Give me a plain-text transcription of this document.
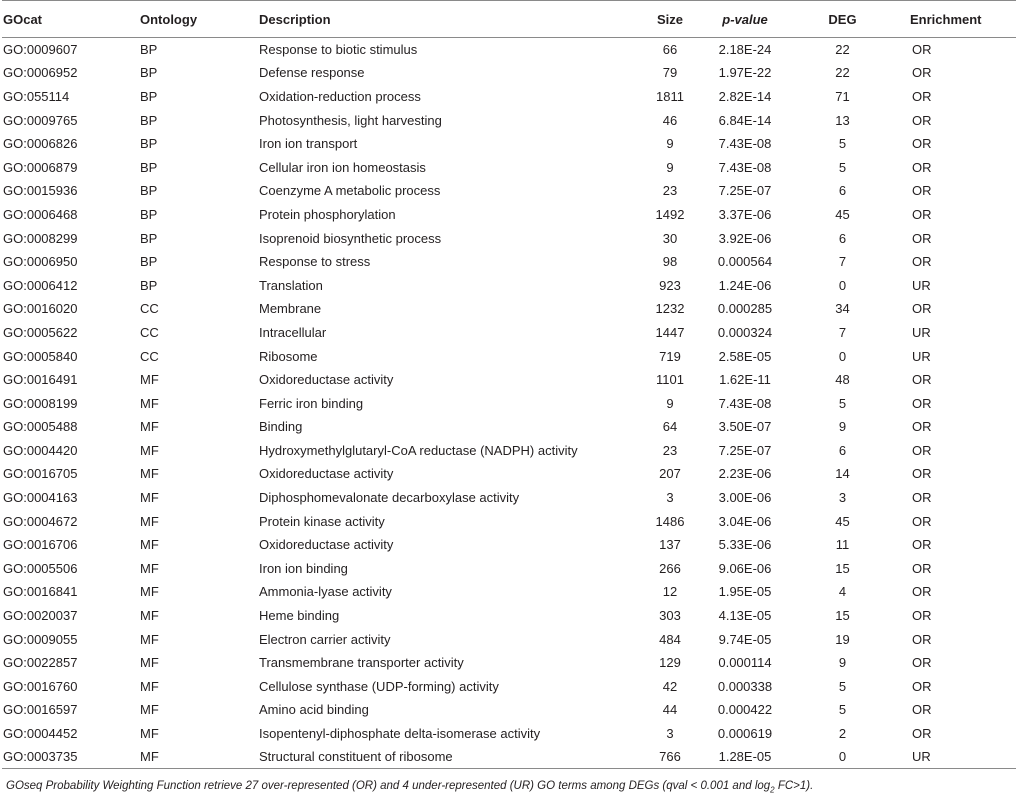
GOcat	Ontology	Description	Size	p-value	DEG	Enrichment
GO:0009607	BP	Response to biotic stimulus	66	2.18E-24	22	OR
GO:0006952	BP	Defense response	79	1.97E-22	22	OR
GO:055114	BP	Oxidation-reduction process	1811	2.82E-14	71	OR
GO:0009765	BP	Photosynthesis, light harvesting	46	6.84E-14	13	OR
GO:0006826	BP	Iron ion transport	9	7.43E-08	5	OR
GO:0006879	BP	Cellular iron ion homeostasis	9	7.43E-08	5	OR
GO:0015936	BP	Coenzyme A metabolic process	23	7.25E-07	6	OR
GO:0006468	BP	Protein phosphorylation	1492	3.37E-06	45	OR
GO:0008299	BP	Isoprenoid biosynthetic process	30	3.92E-06	6	OR
GO:0006950	BP	Response to stress	98	0.000564	7	OR
GO:0006412	BP	Translation	923	1.24E-06	0	UR
GO:0016020	CC	Membrane	1232	0.000285	34	OR
GO:0005622	CC	Intracellular	1447	0.000324	7	UR
GO:0005840	CC	Ribosome	719	2.58E-05	0	UR
GO:0016491	MF	Oxidoreductase activity	1101	1.62E-11	48	OR
GO:0008199	MF	Ferric iron binding	9	7.43E-08	5	OR
GO:0005488	MF	Binding	64	3.50E-07	9	OR
GO:0004420	MF	Hydroxymethylglutaryl-CoA reductase (NADPH) activity	23	7.25E-07	6	OR
GO:0016705	MF	Oxidoreductase activity	207	2.23E-06	14	OR
GO:0004163	MF	Diphosphomevalonate decarboxylase activity	3	3.00E-06	3	OR
GO:0004672	MF	Protein kinase activity	1486	3.04E-06	45	OR
GO:0016706	MF	Oxidoreductase activity	137	5.33E-06	11	OR
GO:0005506	MF	Iron ion binding	266	9.06E-06	15	OR
GO:0016841	MF	Ammonia-lyase activity	12	1.95E-05	4	OR
GO:0020037	MF	Heme binding	303	4.13E-05	15	OR
GO:0009055	MF	Electron carrier activity	484	9.74E-05	19	OR
GO:0022857	MF	Transmembrane transporter activity	129	0.000114	9	OR
GO:0016760	MF	Cellulose synthase (UDP-forming) activity	42	0.000338	5	OR
GO:0016597	MF	Amino acid binding	44	0.000422	5	OR
GO:0004452	MF	Isopentenyl-diphosphate delta-isomerase activity	3	0.000619	2	OR
GO:0003735	MF	Structural constituent of ribosome	766	1.28E-05	0	UR
GOseq Probability Weighting Function retrieve 27 over-represented (OR) and 4 under-represented (UR) GO terms among DEGs (qval < 0.001 and $\log_2 FC>1$).
